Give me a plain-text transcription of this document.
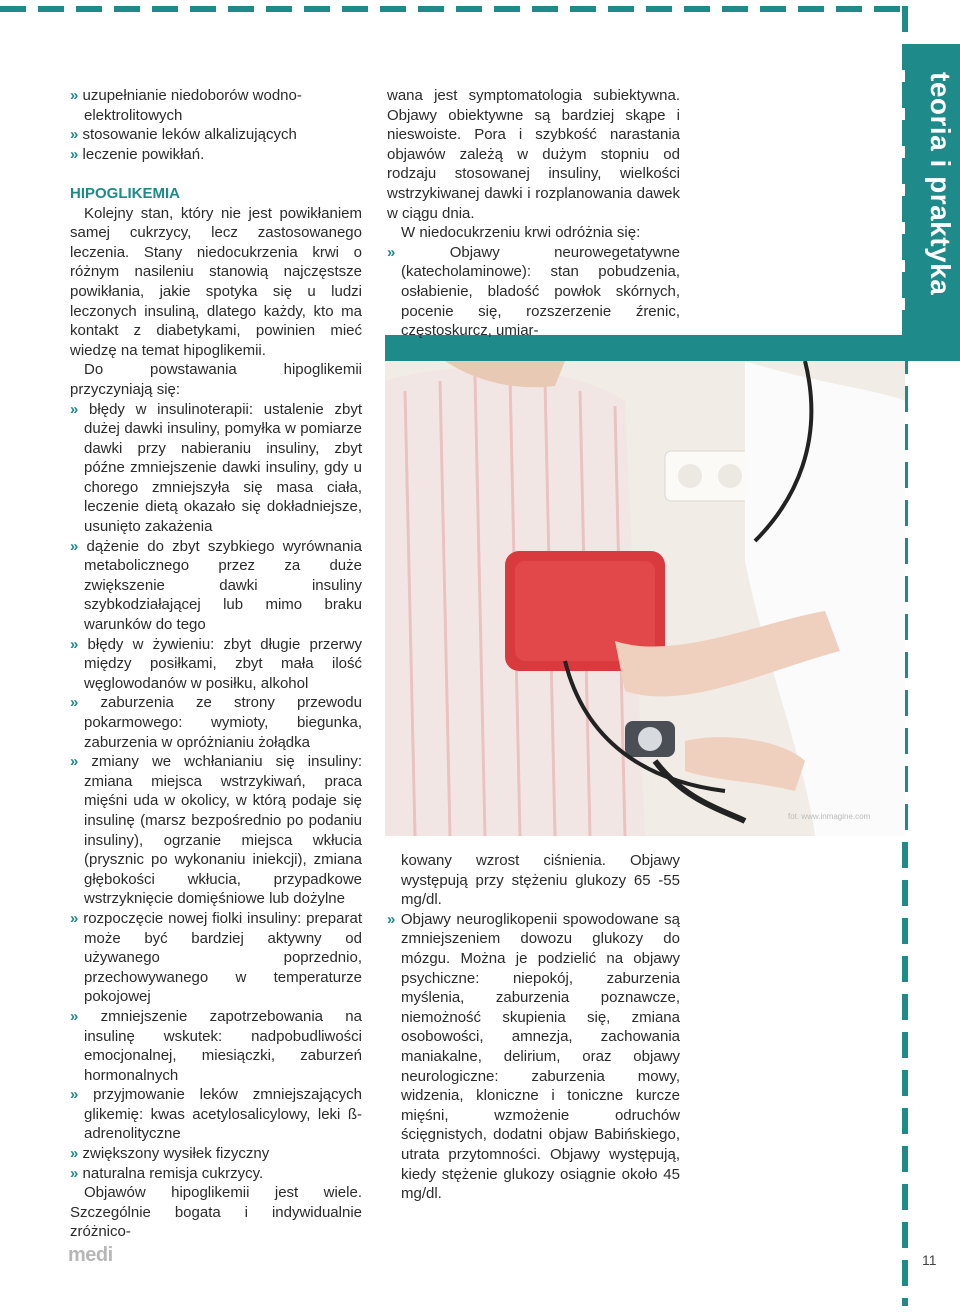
teoria i praktyka

» uzupełnianie niedoborów wodno-elektrolitowych

» stosowanie leków alkalizujących

» leczenie powikłań.

HIPOGLIKEMIA

Kolejny stan, który nie jest powikłaniem samej cukrzycy, lecz zastosowanego leczenia. Stany niedocukrzenia krwi o różnym nasileniu stanowią najczęstsze powikłania, jakie spotyka się u ludzi leczonych insuliną, dlatego każdy, kto ma kontakt z diabetykami, powinien mieć wiedzę na temat hipoglikemii.

Do powstawania hipoglikemii przyczyniają się:

» błędy w insulinoterapii: ustalenie zbyt dużej dawki insuliny, pomyłka w pomiarze dawki przy nabieraniu insuliny, zbyt późne zmniejszenie dawki insuliny, gdy u chorego zmniejszyła się masa ciała, leczenie dietą okazało się dokładniejsze, usunięto zakażenia

» dążenie do zbyt szybkiego wyrównania metabolicznego przez za duże zwiększenie dawki insuliny szybkodziałającej lub mimo braku warunków do tego

» błędy w żywieniu: zbyt długie przerwy między posiłkami, zbyt mała ilość węglowodanów w posiłku, alkohol

» zaburzenia ze strony przewodu pokarmowego: wymioty, biegunka, zaburzenia w opróżnianiu żołądka

» zmiany we wchłanianiu się insuliny: zmiana miejsca wstrzykiwań, praca mięśni uda w okolicy, w którą podaje się insulinę (marsz bezpośrednio po podaniu insuliny), ogrzanie miejsca wkłucia (prysznic po wykonaniu iniekcji), zmiana głębokości wkłucia, przypadkowe wstrzyknięcie domięśniowe lub dożylne

» rozpoczęcie nowej fiolki insuliny: preparat może być bardziej aktywny od używanego poprzednio, przechowywanego w temperaturze pokojowej

» zmniejszenie zapotrzebowania na insulinę wskutek: nadpobudliwości emocjonalnej, miesiączki, zaburzeń hormonalnych

» przyjmowanie leków zmniejszających glikemię: kwas acetylosalicylowy, leki ß-adrenolityczne

» zwiększony wysiłek fizyczny

» naturalna remisja cukrzycy.

Objawów hipoglikemii jest wiele. Szczególnie bogata i indywidualnie zróżnico-

wana jest symptomatologia subiektywna. Objawy obiektywne są bardziej skąpe i nieswoiste. Pora i szybkość narastania objawów zależą w dużym stopniu od rodzaju stosowanej insuliny, wielkości wstrzykiwanej dawki i rozplanowania dawek w ciągu dnia.

W niedocukrzeniu krwi odróżnia się:

» Objawy neurowegetatywne (katecholaminowe): stan pobudzenia, osłabienie, bladość powłok skórnych, pocenie się, rozszerzenie źrenic, częstoskurcz, umiar-

fot. www.inmagine.com

kowany wzrost ciśnienia. Objawy występują przy stężeniu glukozy 65 -55 mg/dl.

» Objawy neuroglikopenii spowodowane są zmniejszeniem dowozu glukozy do mózgu. Można je podzielić na objawy psychiczne: niepokój, zaburzenia myślenia, zaburzenia poznawcze, niemożność skupienia się, zmiana osobowości, amnezja, zachowania maniakalne, delirium, oraz objawy neurologiczne: zaburzenia mowy, widzenia, kloniczne i toniczne kurcze mięśni, wzmożenie odruchów ścięgnistych, dodatni objaw Babińskiego, utrata przytomności. Objawy występują, kiedy stężenie glukozy osiągnie około 45 mg/dl.

medi	11
